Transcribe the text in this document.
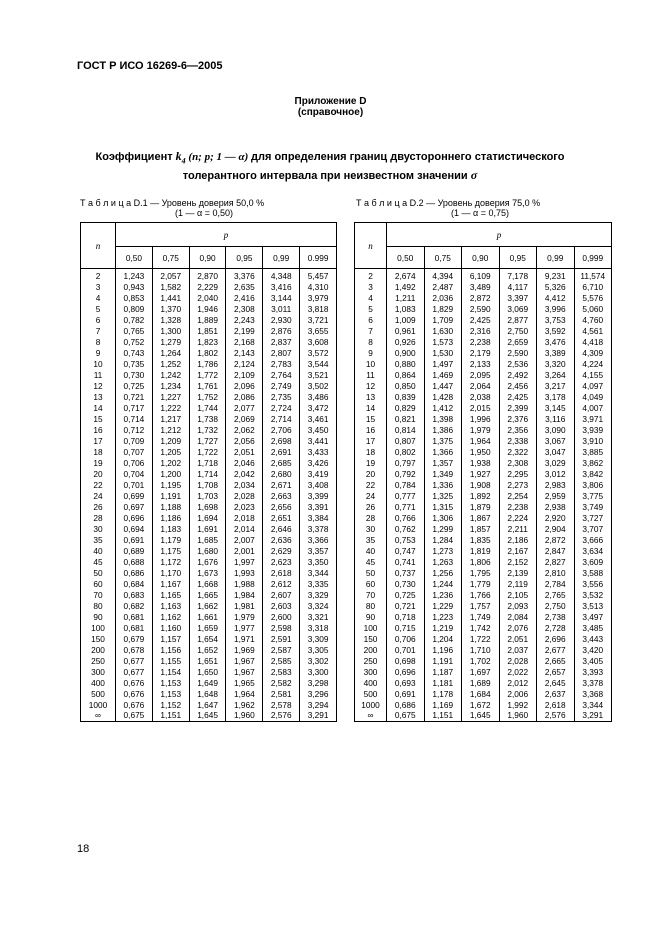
ГОСТ Р ИСО 16269-6—2005
Приложение D
(справочное)
Коэффициент $k_4$ (n; p; 1 — α) для определения границ двустороннего статистического
толерантного интервала при неизвестном значении σ
Т а б л и ц а D.1 — Уровень доверия 50,0 %
(1 — α = 0,50)
Т а б л и ц а D.2 — Уровень доверия 75,0 %
(1 — α = 0,75)
n	p					
	0,50	0,75	0,90	0,95	0,99	0.999
2	1,243	2,057	2,870	3,376	4,348	5,457
3	0,943	1,582	2,229	2,635	3,416	4,310
4	0,853	1,441	2,040	2,416	3,144	3,979
5	0,809	1,370	1,946	2,308	3,011	3,818
6	0,782	1,328	1,889	2,243	2,930	3,721
7	0,765	1,300	1,851	2,199	2,876	3,655
8	0,752	1,279	1,823	2,168	2,837	3,608
9	0,743	1,264	1,802	2,143	2,807	3,572
10	0,735	1,252	1,786	2,124	2,783	3,544
11	0,730	1,242	1,772	2,109	2,764	3,521
12	0,725	1,234	1,761	2,096	2,749	3,502
13	0,721	1,227	1,752	2,086	2,735	3,486
14	0,717	1,222	1,744	2,077	2,724	3,472
15	0,714	1,217	1,738	2,069	2,714	3,461
16	0,712	1,212	1,732	2,062	2,706	3,450
17	0,709	1,209	1,727	2,056	2,698	3,441
18	0,707	1,205	1,722	2,051	2,691	3,433
19	0,706	1,202	1,718	2,046	2,685	3,426
20	0,704	1,200	1,714	2,042	2,680	3,419
22	0,701	1,195	1,708	2,034	2,671	3,408
24	0,699	1,191	1,703	2,028	2,663	3,399
26	0,697	1,188	1,698	2,023	2,656	3,391
28	0,696	1,186	1,694	2,018	2,651	3,384
30	0,694	1,183	1,691	2,014	2,646	3,378
35	0,691	1,179	1,685	2,007	2,636	3,366
40	0,689	1,175	1,680	2,001	2,629	3,357
45	0,688	1,172	1,676	1,997	2,623	3,350
50	0,686	1,170	1,673	1,993	2,618	3,344
60	0,684	1,167	1,668	1,988	2,612	3,335
70	0,683	1,165	1,665	1,984	2,607	3,329
80	0,682	1,163	1,662	1,981	2,603	3,324
90	0,681	1,162	1,661	1,979	2,600	3,321
100	0,681	1,160	1,659	1,977	2,598	3,318
150	0,679	1,157	1,654	1,971	2,591	3,309
200	0,678	1,156	1,652	1,969	2,587	3,305
250	0,677	1,155	1,651	1,967	2,585	3,302
300	0,677	1,154	1,650	1,967	2,583	3,300
400	0,676	1,153	1,649	1,965	2,582	3,298
500	0,676	1,153	1,648	1,964	2,581	3,296
1000	0,676	1,152	1,647	1,962	2,578	3,294
∞	0,675	1,151	1,645	1,960	2,576	3,291
n	p					
	0,50	0,75	0,90	0,95	0,99	0,999
2	2,674	4,394	6,109	7,178	9,231	11,574
3	1,492	2,487	3,489	4,117	5,326	6,710
4	1,211	2,036	2,872	3,397	4,412	5,576
5	1,083	1,829	2,590	3,069	3,996	5,060
6	1,009	1,709	2,425	2,877	3,753	4,760
7	0,961	1,630	2,316	2,750	3,592	4,561
8	0,926	1,573	2,238	2,659	3,476	4,418
9	0,900	1,530	2,179	2,590	3,389	4,309
10	0,880	1,497	2,133	2,536	3,320	4,224
11	0,864	1,469	2,095	2,492	3,264	4,155
12	0,850	1,447	2,064	2,456	3,217	4,097
13	0,839	1,428	2,038	2,425	3,178	4,049
14	0,829	1,412	2,015	2,399	3,145	4,007
15	0,821	1,398	1,996	2,376	3,116	3,971
16	0,814	1,386	1,979	2,356	3,090	3,939
17	0,807	1,375	1,964	2,338	3,067	3,910
18	0,802	1,366	1,950	2,322	3,047	3,885
19	0,797	1,357	1,938	2,308	3,029	3,862
20	0,792	1,349	1,927	2,295	3,012	3,842
22	0,784	1,336	1,908	2,273	2,983	3,806
24	0,777	1,325	1,892	2,254	2,959	3,775
26	0,771	1,315	1,879	2,238	2,938	3,749
28	0,766	1,306	1,867	2,224	2,920	3,727
30	0,762	1,299	1,857	2,211	2,904	3,707
35	0,753	1,284	1,835	2,186	2,872	3,666
40	0,747	1,273	1,819	2,167	2,847	3,634
45	0,741	1,263	1,806	2,152	2,827	3,609
50	0,737	1,256	1,795	2,139	2,810	3,588
60	0,730	1,244	1,779	2,119	2,784	3,556
70	0,725	1,236	1,766	2,105	2,765	3,532
80	0,721	1,229	1,757	2,093	2,750	3,513
90	0,718	1,223	1,749	2,084	2,738	3,497
100	0,715	1,219	1,742	2,076	2,728	3,485
150	0,706	1,204	1,722	2,051	2,696	3,443
200	0,701	1,196	1,710	2,037	2,677	3,420
250	0,698	1,191	1,702	2,028	2,665	3,405
300	0,696	1,187	1,697	2,022	2,657	3,393
400	0,693	1,181	1,689	2,012	2,645	3,378
500	0,691	1,178	1,684	2,006	2,637	3,368
1000	0,686	1,169	1,672	1,992	2,618	3,344
∞	0,675	1,151	1,645	1,960	2,576	3,291
18
